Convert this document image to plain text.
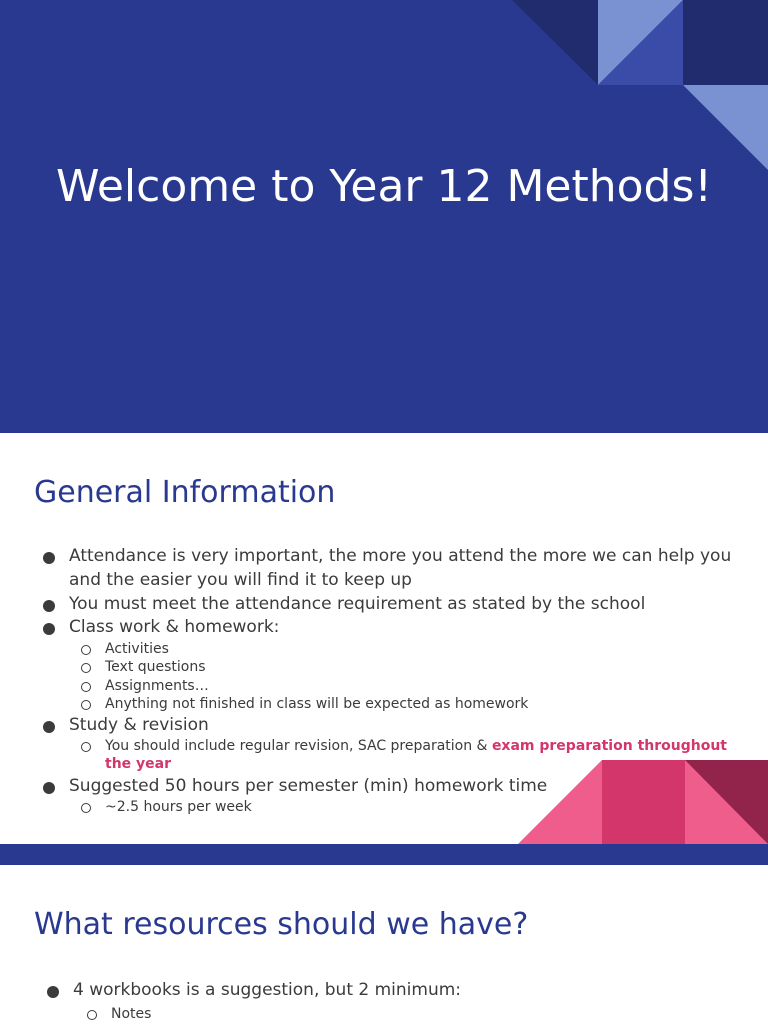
Welcome to Year 12 Methods!
General Information
Attendance is very important, the more you attend the more we can help you and the easier you will find it to keep up
You must meet the attendance requirement as stated by the school
Class work & homework:
Activities
Text questions
Assignments…
Anything not finished in class will be expected as homework
Study & revision
You should include regular revision, SAC preparation & exam preparation throughout the year
Suggested 50 hours per semester (min) homework time
~2.5 hours per week
What resources should we have?
4 workbooks is a suggestion, but 2 minimum:
Notes
